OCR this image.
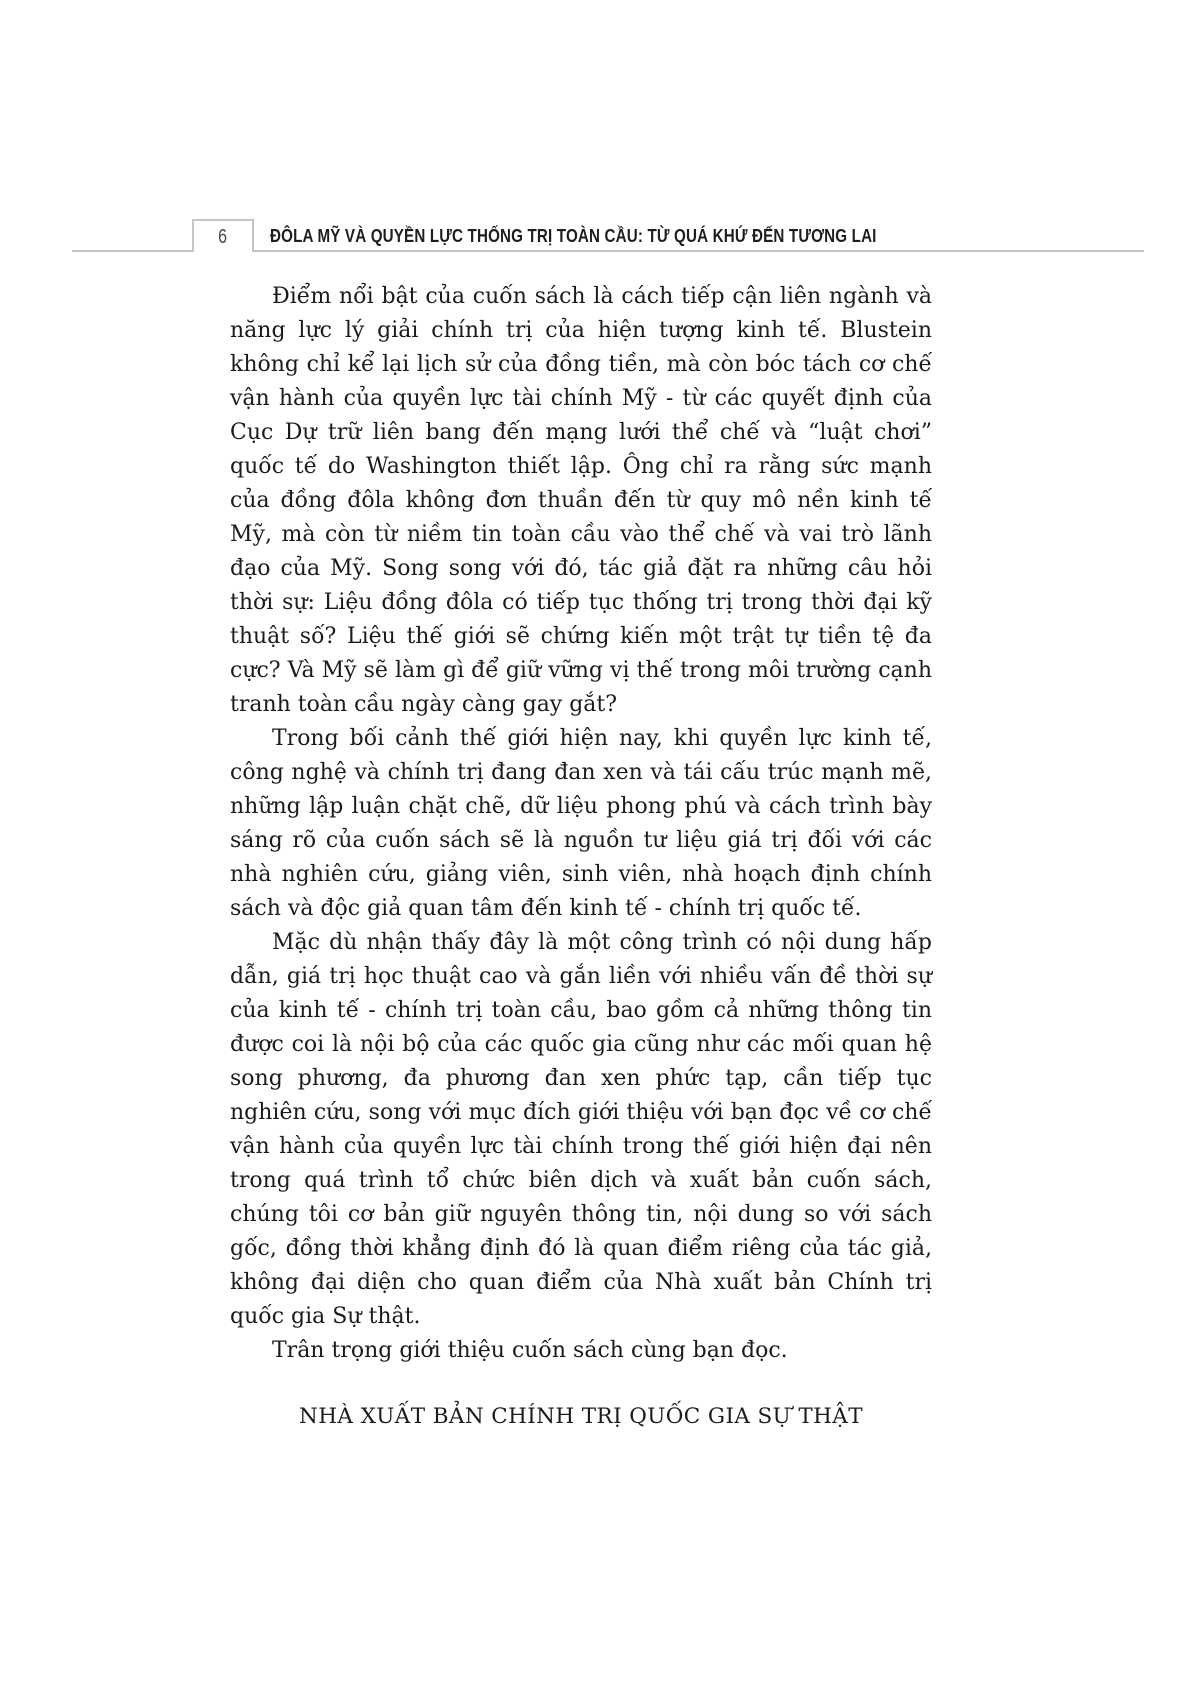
6 ĐÔLA MỸ VÀ QUYỀN LỰC THỐNG TRỊ TOÀN CẦU: TỪ QUÁ KHỨ ĐẾN TƯƠNG LAI

Điểm nổi bật của cuốn sách là cách tiếp cận liên ngành và năng lực lý giải chính trị của hiện tượng kinh tế. Blustein không chỉ kể lại lịch sử của đồng tiền, mà còn bóc tách cơ chế vận hành của quyền lực tài chính Mỹ - từ các quyết định của Cục Dự trữ liên bang đến mạng lưới thể chế và “luật chơi” quốc tế do Washington thiết lập. Ông chỉ ra rằng sức mạnh của đồng đôla không đơn thuần đến từ quy mô nền kinh tế Mỹ, mà còn từ niềm tin toàn cầu vào thể chế và vai trò lãnh đạo của Mỹ. Song song với đó, tác giả đặt ra những câu hỏi thời sự: Liệu đồng đôla có tiếp tục thống trị trong thời đại kỹ thuật số? Liệu thế giới sẽ chứng kiến một trật tự tiền tệ đa cực? Và Mỹ sẽ làm gì để giữ vững vị thế trong môi trường cạnh tranh toàn cầu ngày càng gay gắt?

Trong bối cảnh thế giới hiện nay, khi quyền lực kinh tế, công nghệ và chính trị đang đan xen và tái cấu trúc mạnh mẽ, những lập luận chặt chẽ, dữ liệu phong phú và cách trình bày sáng rõ của cuốn sách sẽ là nguồn tư liệu giá trị đối với các nhà nghiên cứu, giảng viên, sinh viên, nhà hoạch định chính sách và độc giả quan tâm đến kinh tế - chính trị quốc tế.

Mặc dù nhận thấy đây là một công trình có nội dung hấp dẫn, giá trị học thuật cao và gắn liền với nhiều vấn đề thời sự của kinh tế - chính trị toàn cầu, bao gồm cả những thông tin được coi là nội bộ của các quốc gia cũng như các mối quan hệ song phương, đa phương đan xen phức tạp, cần tiếp tục nghiên cứu, song với mục đích giới thiệu với bạn đọc về cơ chế vận hành của quyền lực tài chính trong thế giới hiện đại nên trong quá trình tổ chức biên dịch và xuất bản cuốn sách, chúng tôi cơ bản giữ nguyên thông tin, nội dung so với sách gốc, đồng thời khẳng định đó là quan điểm riêng của tác giả, không đại diện cho quan điểm của Nhà xuất bản Chính trị quốc gia Sự thật.

Trân trọng giới thiệu cuốn sách cùng bạn đọc.

NHÀ XUẤT BẢN CHÍNH TRỊ QUỐC GIA SỰ THẬT
